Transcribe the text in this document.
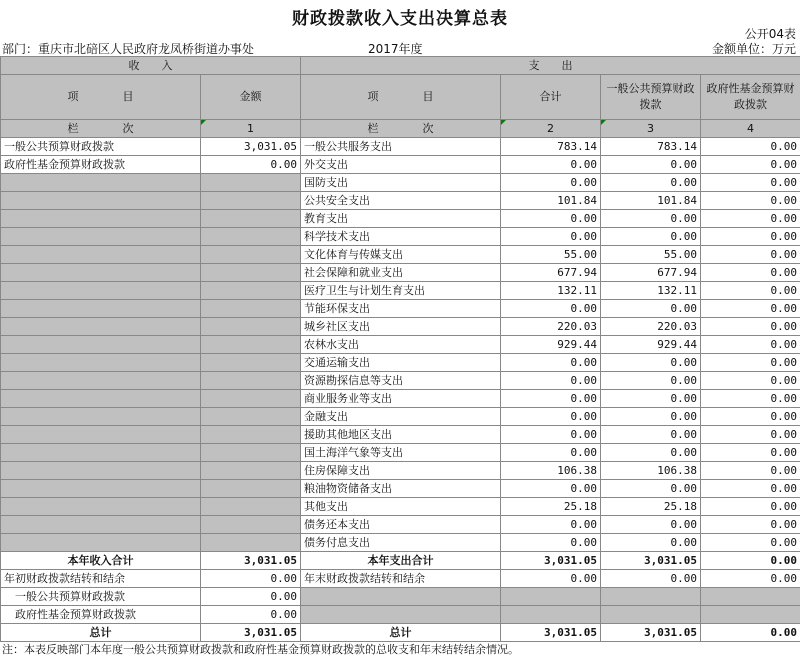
财政拨款收入支出决算总表
公开04表
部门：重庆市北碚区人民政府龙凤桥街道办事处	2017年度	金额单位：万元
收　　入		支　　出			
项　　　　目	金额	项　　　　目	合计	一般公共预算财政拨款	政府性基金预算财政拨款
栏　　　　次	1	栏　　　　次	2	3	4
一般公共预算财政拨款	3,031.05	一般公共服务支出	783.14	783.14	0.00
政府性基金预算财政拨款	0.00	外交支出	0.00	0.00	0.00
		国防支出	0.00	0.00	0.00
		公共安全支出	101.84	101.84	0.00
		教育支出	0.00	0.00	0.00
		科学技术支出	0.00	0.00	0.00
		文化体育与传媒支出	55.00	55.00	0.00
		社会保障和就业支出	677.94	677.94	0.00
		医疗卫生与计划生育支出	132.11	132.11	0.00
		节能环保支出	0.00	0.00	0.00
		城乡社区支出	220.03	220.03	0.00
		农林水支出	929.44	929.44	0.00
		交通运输支出	0.00	0.00	0.00
		资源勘探信息等支出	0.00	0.00	0.00
		商业服务业等支出	0.00	0.00	0.00
		金融支出	0.00	0.00	0.00
		援助其他地区支出	0.00	0.00	0.00
		国土海洋气象等支出	0.00	0.00	0.00
		住房保障支出	106.38	106.38	0.00
		粮油物资储备支出	0.00	0.00	0.00
		其他支出	25.18	25.18	0.00
		债务还本支出	0.00	0.00	0.00
		债务付息支出	0.00	0.00	0.00
本年收入合计	3,031.05	本年支出合计	3,031.05	3,031.05	0.00
年初财政拨款结转和结余	0.00	年末财政拨款结转和结余	0.00	0.00	0.00
一般公共预算财政拨款	0.00				
政府性基金预算财政拨款	0.00				
总计	3,031.05	总计	3,031.05	3,031.05	0.00
注：本表反映部门本年度一般公共预算财政拨款和政府性基金预算财政拨款的总收支和年末结转结余情况。
